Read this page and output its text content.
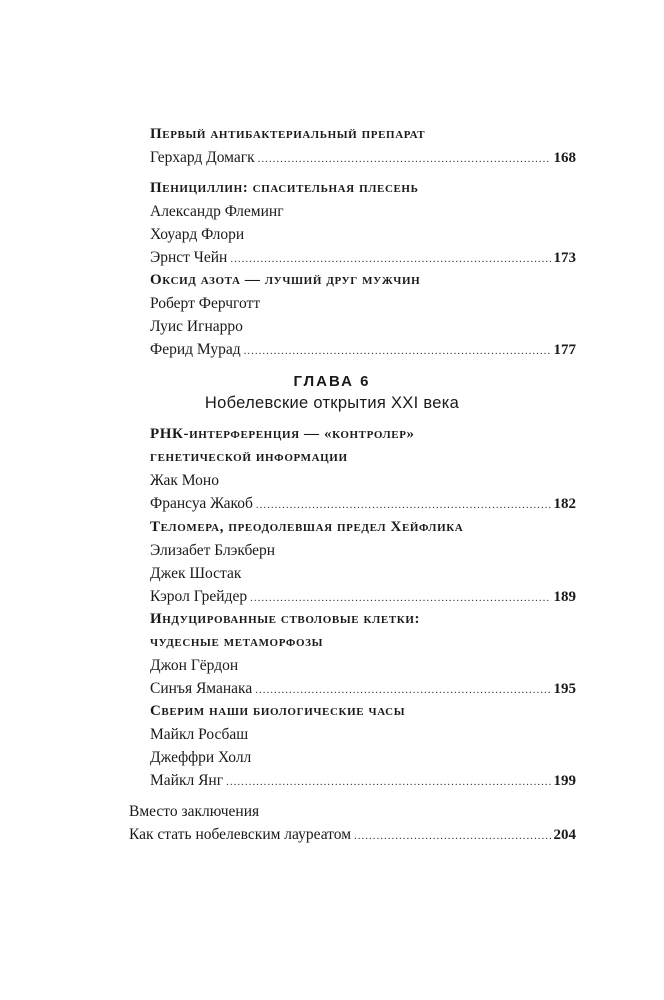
Первый антибактериальный препарат
Герхард Домагк .....	168
Пенициллин: спасительная плесень
Александр Флеминг
Хоуард Флори
Эрнст Чейн .....	173
Оксид азота — лучший друг мужчин
Роберт Ферчготт
Луис Игнарро
Ферид Мурад .....	177
ГЛАВА 6
Нобелевские открытия XXI века
РНК-интерференция — «контролер»
генетической информации
Жак Моно
Франсуа Жакоб .....	182
Теломера, преодолевшая предел Хейфлика
Элизабет Блэкберн
Джек Шостак
Кэрол Грейдер .....	189
Индуцированные стволовые клетки:
чудесные метаморфозы
Джон Гёрдон
Синъя Яманака .....	195
Сверим наши биологические часы
Майкл Росбаш
Джеффри Холл
Майкл Янг .....	199
Вместо заключения
Как стать нобелевским лауреатом .....	204
